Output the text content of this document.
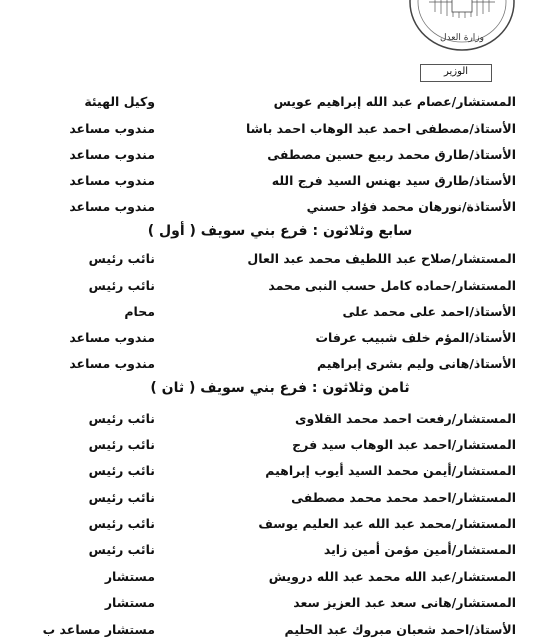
وزارة العدل
الوزير
المستشار/عصام عبد الله إبراهيم عويس
وكيل الهيئة
الأستاذ/مصطفى احمد عبد الوهاب احمد باشا
مندوب مساعد
الأستاذ/طارق محمد ربيع حسين مصطفى
مندوب مساعد
الأستاذ/طارق سيد بهنس السيد فرج الله
مندوب مساعد
الأستاذة/نورهان محمد فؤاد حسني
مندوب مساعد
سابع وثلاثون : فرع بني سويف ( أول )
المستشار/صلاح عبد اللطيف محمد عبد العال
نائب رئيس
المستشار/حماده كامل حسب النبى محمد
نائب رئيس
الأستاذ/احمد على محمد على
محام
الأستاذ/المؤم خلف شبيب عرفات
مندوب مساعد
الأستاذ/هانى وليم بشرى إبراهيم
مندوب مساعد
ثامن وثلاثون : فرع بني سويف ( ثان )
المستشار/رفعت احمد محمد القلاوى
نائب رئيس
المستشار/احمد عبد الوهاب سيد فرج
نائب رئيس
المستشار/أيمن محمد السيد أيوب إبراهيم
نائب رئيس
المستشار/احمد محمد محمد مصطفى
نائب رئيس
المستشار/محمد عبد الله عبد العليم يوسف
نائب رئيس
المستشار/أمين مؤمن أمين زايد
نائب رئيس
المستشار/عبد الله محمد عبد الله درويش
مستشار
المستشار/هانى سعد عبد العزيز سعد
مستشار
الأستاذ/احمد شعبان مبروك عبد الحليم
مستشار مساعد ب
